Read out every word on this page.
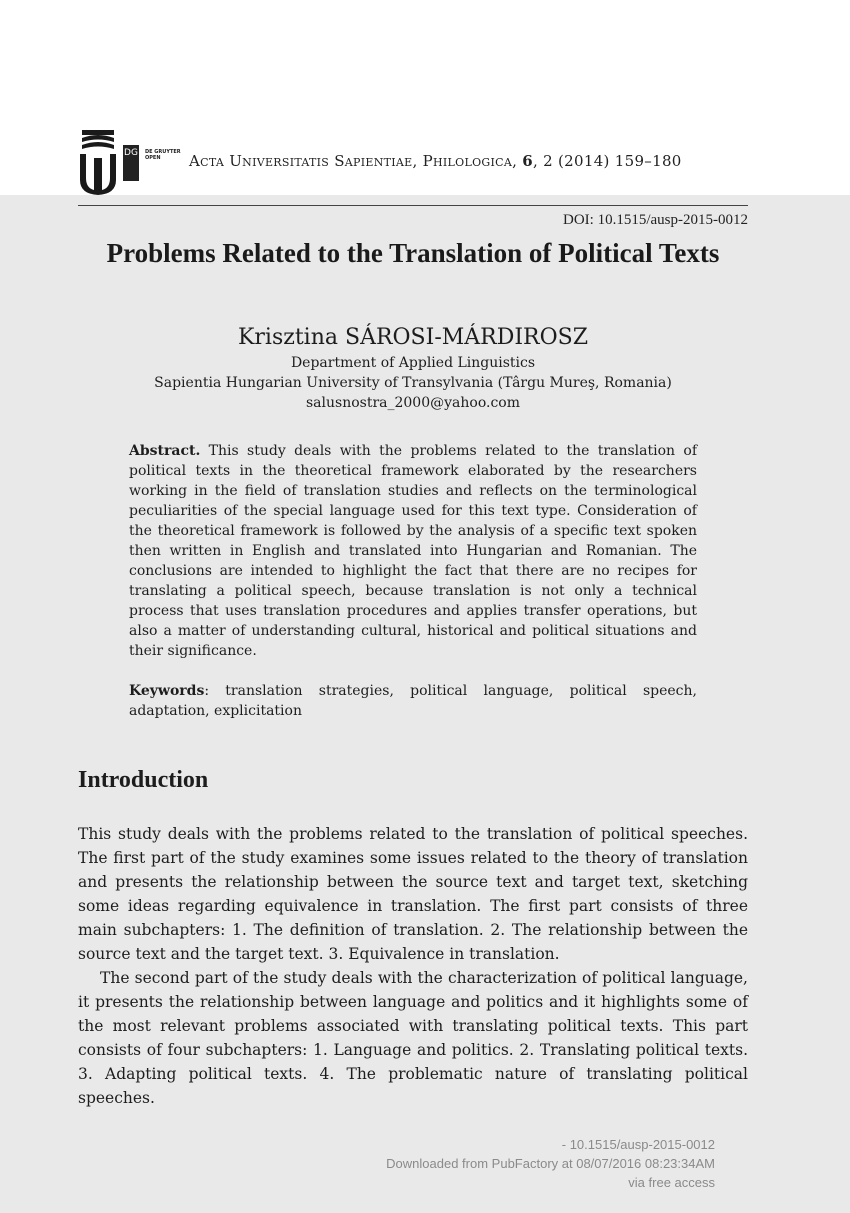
DG DE GRUYTER OPEN	Acta Universitatis Sapientiae, Philologica, 6, 2 (2014) 159–180
DOI: 10.1515/ausp-2015-0012
Problems Related to the Translation of Political Texts
Krisztina SÁROSI-MÁRDIROSZ
Department of Applied Linguistics
Sapientia Hungarian University of Transylvania (Târgu Mureş, Romania)
salusnostra_2000@yahoo.com
Abstract. This study deals with the problems related to the translation of political texts in the theoretical framework elaborated by the researchers working in the field of translation studies and reflects on the terminological peculiarities of the special language used for this text type. Consideration of the theoretical framework is followed by the analysis of a specific text spoken then written in English and translated into Hungarian and Romanian. The conclusions are intended to highlight the fact that there are no recipes for translating a political speech, because translation is not only a technical process that uses translation procedures and applies transfer operations, but also a matter of understanding cultural, historical and political situations and their significance.
Keywords: translation strategies, political language, political speech, adaptation, explicitation
Introduction

This study deals with the problems related to the translation of political speeches. The first part of the study examines some issues related to the theory of translation and presents the relationship between the source text and target text, sketching some ideas regarding equivalence in translation. The first part consists of three main subchapters: 1. The definition of translation. 2. The relationship between the source text and the target text. 3. Equivalence in translation.

The second part of the study deals with the characterization of political language, it presents the relationship between language and politics and it highlights some of the most relevant problems associated with translating political texts. This part consists of four subchapters: 1. Language and politics. 2. Translating political texts. 3. Adapting political texts. 4. The problematic nature of translating political speeches.

- 10.1515/ausp-2015-0012
Downloaded from PubFactory at 08/07/2016 08:23:34AM
via free access
